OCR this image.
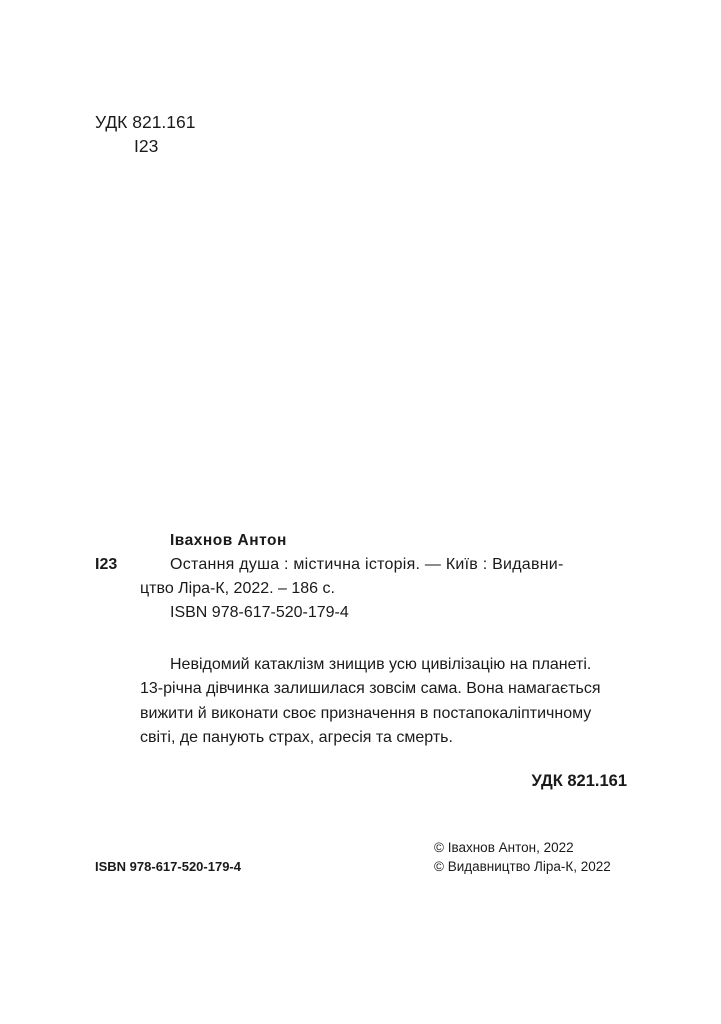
УДК 821.161
І23
Івахнов Антон
І23	Остання душа : містична історія. — Київ : Видавни-
цтво Ліра-К, 2022. – 186 с.
ISBN 978-617-520-179-4
Невідомий катаклізм знищив усю цивілізацію на планеті.
13-річна дівчинка залишилася зовсім сама. Вона намагається
вижити й виконати своє призначення в постапокаліптичному
світі, де панують страх, агресія та смерть.
УДК 821.161
© Івахнов Антон, 2022
ISBN 978-617-520-179-4	© Видавництво Ліра-К, 2022
